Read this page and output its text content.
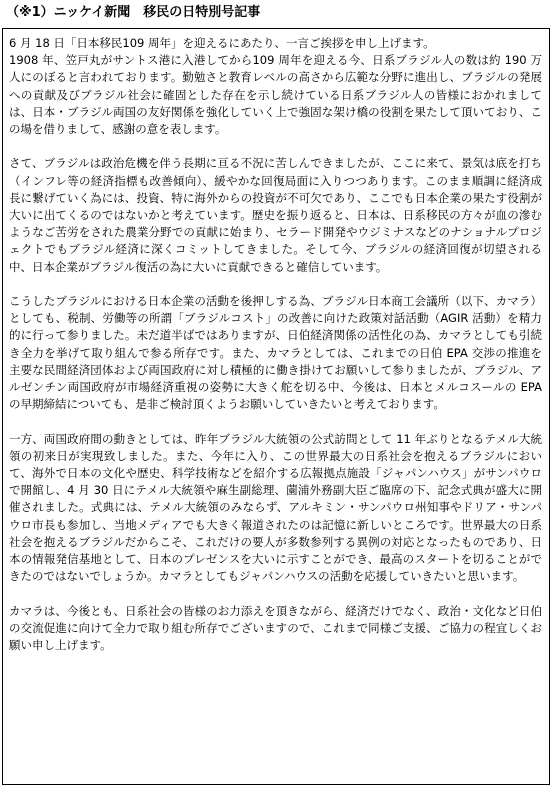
（※1）ニッケイ新聞　移民の日特別号記事

6 月 18 日「日本移民109 周年」を迎えるにあたり、一言ご挨拶を申し上げます。

1908 年、笠戸丸がサントス港に入港してから109 周年を迎える今、日系ブラジル人の数は約 190 万人にのぼると言われております。勤勉さと教育レベルの高さから広範な分野に進出し、ブラジルの発展への貢献及びブラジル社会に確固とした存在を示し続けている日系ブラジル人の皆様におかれましては、日本・ブラジル両国の友好関係を強化していく上で強固な架け橋の役割を果たして頂いており、この場を借りまして、感謝の意を表します。

さて、ブラジルは政治危機を伴う長期に亘る不況に苦しんできましたが、ここに来て、景気は底を打ち（インフレ等の経済指標も改善傾向）、緩やかな回復局面に入りつつあります。このまま順調に経済成長に繋げていく為には、投資、特に海外からの投資が不可欠であり、ここでも日本企業の果たす役割が大いに出てくるのではないかと考えています。歴史を振り返ると、日本は、日系移民の方々が血の滲むようなご苦労をされた農業分野での貢献に始まり、セラード開発やウジミナスなどのナショナルプロジェクトでもブラジル経済に深くコミットしてきました。そして今、ブラジルの経済回復が切望される中、日本企業がブラジル復活の為に大いに貢献できると確信しています。

こうしたブラジルにおける日本企業の活動を後押しする為、ブラジル日本商工会議所（以下、カマラ）としても、税制、労働等の所謂「ブラジルコスト」の改善に向けた政策対話活動（AGIR 活動）を精力的に行って参りました。未だ道半ばではありますが、日伯経済関係の活性化の為、カマラとしても引続き全力を挙げて取り組んで参る所存です。また、カマラとしては、これまでの日伯 EPA 交渉の推進を主要な民間経済団体および両国政府に対し積極的に働き掛けてお願いして参りましたが、ブラジル、アルゼンチン両国政府が市場経済重視の姿勢に大きく舵を切る中、今後は、日本とメルコスールの EPA の早期締結についても、是非ご検討頂くようお願いしていきたいと考えております。

一方、両国政府間の動きとしては、昨年ブラジル大統領の公式訪問として 11 年ぶりとなるテメル大統領の初来日が実現致しました。また、今年に入り、この世界最大の日系社会を抱えるブラジルにおいて、海外で日本の文化や歴史、科学技術などを紹介する広報拠点施設「ジャパンハウス」がサンパウロで開館し、4 月 30 日にテメル大統領や麻生副総理、薗浦外務副大臣ご臨席の下、記念式典が盛大に開催されました。式典には、テメル大統領のみならず、アルキミン・サンパウロ州知事やドリア・サンパウロ市長も参加し、当地メディアでも大きく報道されたのは記憶に新しいところです。世界最大の日系社会を抱えるブラジルだからこそ、これだけの要人が多数参列する異例の対応となったものであり、日本の情報発信基地として、日本のプレゼンスを大いに示すことができ、最高のスタートを切ることができたのではないでしょうか。カマラとしてもジャパンハウスの活動を応援していきたいと思います。

カマラは、今後とも、日系社会の皆様のお力添えを頂きながら、経済だけでなく、政治・文化など日伯の交流促進に向けて全力で取り組む所存でございますので、これまで同様ご支援、ご協力の程宜しくお願い申し上げます。
